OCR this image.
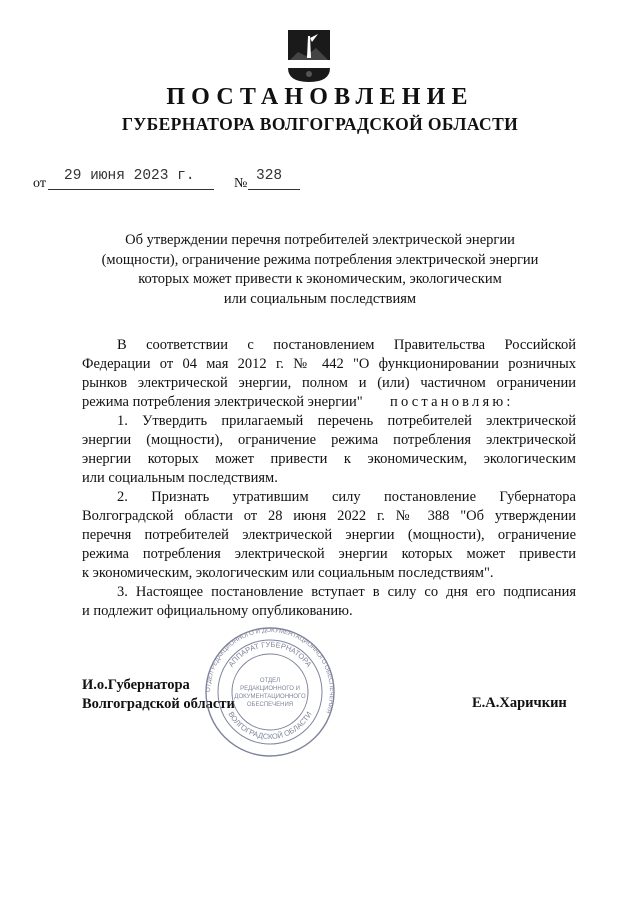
ПОСТАНОВЛЕНИЕ
ГУБЕРНАТОРА ВОЛГОГРАДСКОЙ ОБЛАСТИ
от 29 июня 2023 г.	№ 328
Об утверждении перечня потребителей электрической энергии
(мощности), ограничение режима потребления электрической энергии
которых может привести к экономическим, экологическим
или социальным последствиям
В соответствии с постановлением Правительства Российской
Федерации от 04 мая 2012 г. № 442 "О функционировании розничных
рынков электрической энергии, полном и (или) частичном ограничении
режима потребления электрической энергии" постановляю:
1. Утвердить прилагаемый перечень потребителей электрической
энергии (мощности), ограничение режима потребления электрической
энергии которых может привести к экономическим, экологическим
или социальным последствиям.
2. Признать утратившим силу постановление Губернатора
Волгоградской области от 28 июня 2022 г. № 388 "Об утверждении
перечня потребителей электрической энергии (мощности), ограничение
режима потребления электрической энергии которых может привести
к экономическим, экологическим или социальным последствиям".
3. Настоящее постановление вступает в силу со дня его подписания
и подлежит официальному опубликованию.
И.о.Губернатора
Волгоградской области	Е.А.Харичкин
ОТДЕЛ РЕДАКЦИОННОГО И ДОКУМЕНТАЦИОННОГО ОБЕСПЕЧЕНИЯ
АППАРАТ ГУБЕРНАТОРА
ВОЛГОГРАДСКОЙ ОБЛАСТИ
ОТДЕЛ
РЕДАКЦИОННОГО И
ДОКУМЕНТАЦИОННОГО
ОБЕСПЕЧЕНИЯ
